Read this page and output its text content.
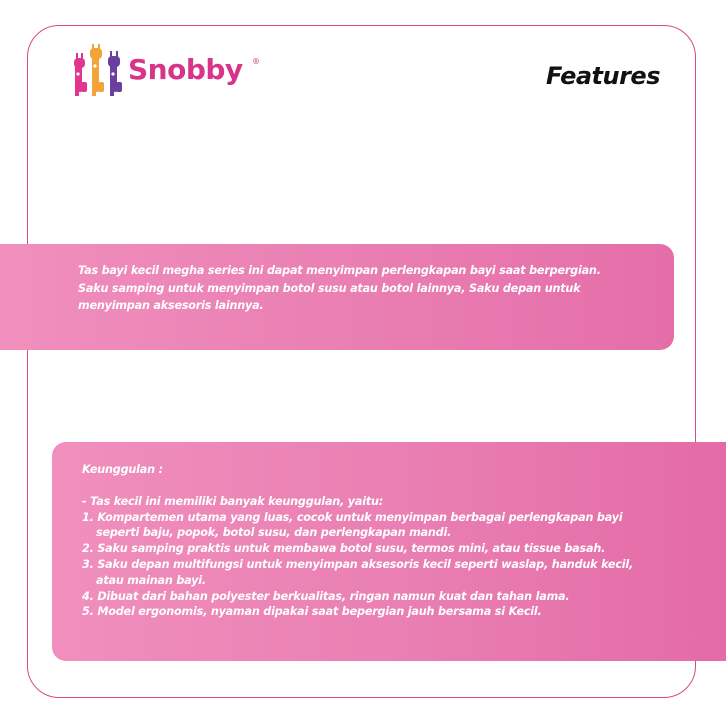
Snobby ®
Features
Tas bayi kecil megha series ini dapat menyimpan perlengkapan bayi saat berpergian.
Saku samping untuk menyimpan botol susu atau botol lainnya, Saku depan untuk
menyimpan aksesoris lainnya.
Keunggulan :
- Tas kecil ini memiliki banyak keunggulan, yaitu:
1. Kompartemen utama yang luas, cocok untuk menyimpan berbagai perlengkapan bayi
seperti baju, popok, botol susu, dan perlengkapan mandi.
2. Saku samping praktis untuk membawa botol susu, termos mini, atau tissue basah.
3. Saku depan multifungsi untuk menyimpan aksesoris kecil seperti waslap, handuk kecil,
atau mainan bayi.
4. Dibuat dari bahan polyester berkualitas, ringan namun kuat dan tahan lama.
5. Model ergonomis, nyaman dipakai saat bepergian jauh bersama si Kecil.
